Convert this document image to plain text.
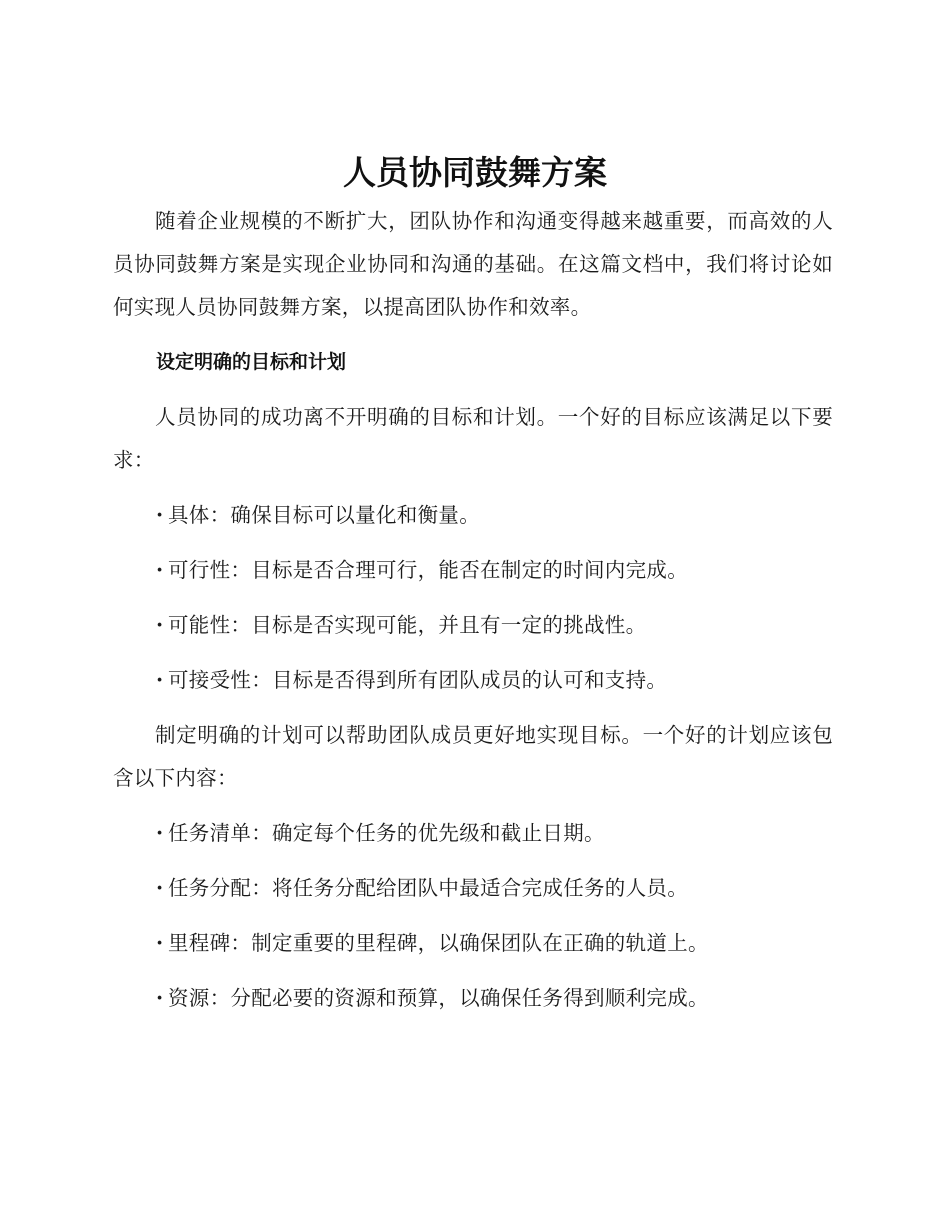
人员协同鼓舞方案

随着企业规模的不断扩大，团队协作和沟通变得越来越重要，而高效的人员协同鼓舞方案是实现企业协同和沟通的基础。在这篇文档中，我们将讨论如何实现人员协同鼓舞方案，以提高团队协作和效率。

设定明确的目标和计划

人员协同的成功离不开明确的目标和计划。一个好的目标应该满足以下要求：

· 具体：确保目标可以量化和衡量。
· 可行性：目标是否合理可行，能否在制定的时间内完成。
· 可能性：目标是否实现可能，并且有一定的挑战性。
· 可接受性：目标是否得到所有团队成员的认可和支持。

制定明确的计划可以帮助团队成员更好地实现目标。一个好的计划应该包含以下内容：

· 任务清单：确定每个任务的优先级和截止日期。
· 任务分配：将任务分配给团队中最适合完成任务的人员。
· 里程碑：制定重要的里程碑，以确保团队在正确的轨道上。
· 资源：分配必要的资源和预算，以确保任务得到顺利完成。
